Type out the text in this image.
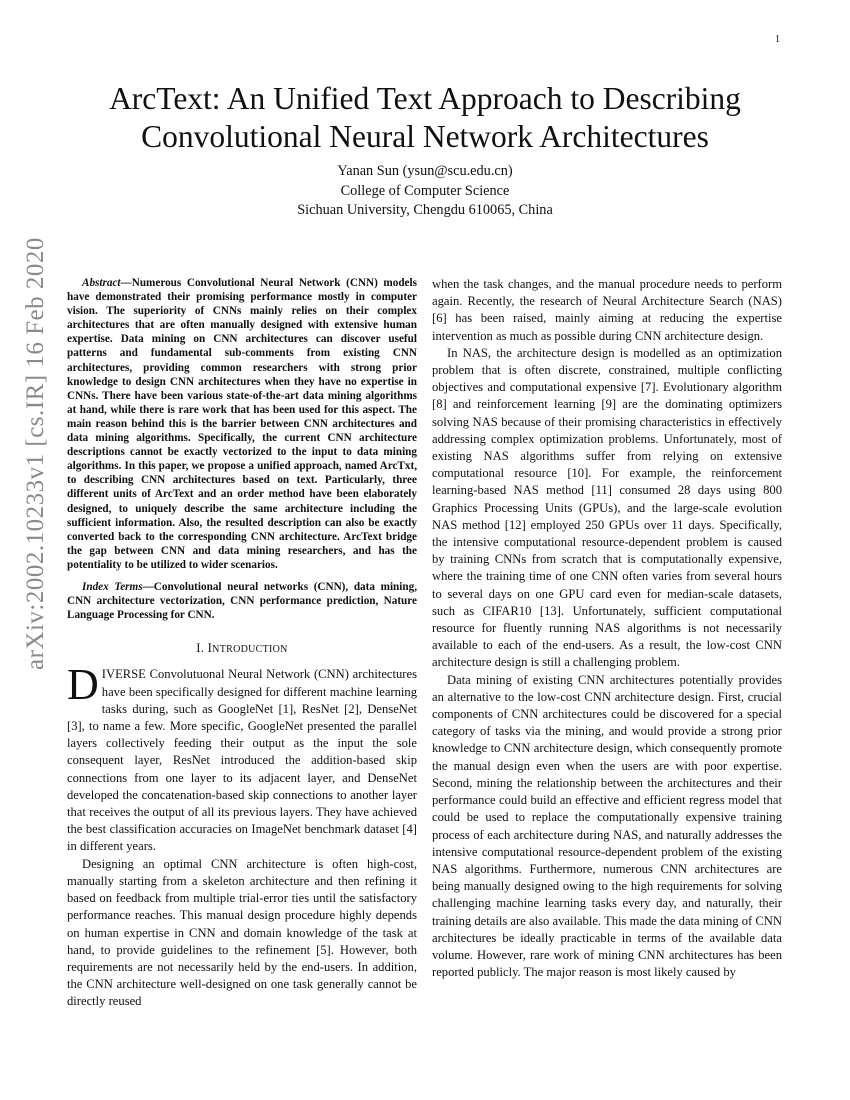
1
arXiv:2002.10233v1 [cs.IR] 16 Feb 2020
ArcText: An Unified Text Approach to Describing
Convolutional Neural Network Architectures
Yanan Sun (ysun@scu.edu.cn)
College of Computer Science
Sichuan University, Chengdu 610065, China

Abstract—Numerous Convolutional Neural Network (CNN) models have demonstrated their promising performance mostly in computer vision. The superiority of CNNs mainly relies on their complex architectures that are often manually designed with extensive human expertise. Data mining on CNN architectures can discover useful patterns and fundamental sub-comments from existing CNN architectures, providing common researchers with strong prior knowledge to design CNN architectures when they have no expertise in CNNs. There have been various state-of-the-art data mining algorithms at hand, while there is rare work that has been used for this aspect. The main reason behind this is the barrier between CNN architectures and data mining algorithms. Specifically, the current CNN architecture descriptions cannot be exactly vectorized to the input to data mining algorithms. In this paper, we propose a unified approach, named ArcTxt, to describing CNN architectures based on text. Particularly, three different units of ArcText and an order method have been elaborately designed, to uniquely describe the same architecture including the sufficient information. Also, the resulted description can also be exactly converted back to the corresponding CNN architecture. ArcText bridge the gap between CNN and data mining researchers, and has the potentiality to be utilized to wider scenarios.

Index Terms—Convolutional neural networks (CNN), data mining, CNN architecture vectorization, CNN performance prediction, Nature Language Processing for CNN.

I. INTRODUCTION

DIVERSE Convolutuonal Neural Network (CNN) architectures have been specifically designed for different machine learning tasks during, such as GoogleNet [1], ResNet [2], DenseNet [3], to name a few. More specific, GoogleNet presented the parallel layers collectively feeding their output as the input the sole consequent layer, ResNet introduced the addition-based skip connections from one layer to its adjacent layer, and DenseNet developed the concatenation-based skip connections to another layer that receives the output of all its previous layers. They have achieved the best classification accuracies on ImageNet benchmark dataset [4] in different years.

Designing an optimal CNN architecture is often high-cost, manually starting from a skeleton architecture and then refining it based on feedback from multiple trial-error ties until the satisfactory performance reaches. This manual design procedure highly depends on human expertise in CNN and domain knowledge of the task at hand, to provide guidelines to the refinement [5]. However, both requirements are not necessarily held by the end-users. In addition, the CNN architecture well-designed on one task generally cannot be directly reused

when the task changes, and the manual procedure needs to perform again. Recently, the research of Neural Architecture Search (NAS) [6] has been raised, mainly aiming at reducing the expertise intervention as much as possible during CNN architecture design.

In NAS, the architecture design is modelled as an optimization problem that is often discrete, constrained, multiple conflicting objectives and computational expensive [7]. Evolutionary algorithm [8] and reinforcement learning [9] are the dominating optimizers solving NAS because of their promising characteristics in effectively addressing complex optimization problems. Unfortunately, most of existing NAS algorithms suffer from relying on extensive computational resource [10]. For example, the reinforcement learning-based NAS method [11] consumed 28 days using 800 Graphics Processing Units (GPUs), and the large-scale evolution NAS method [12] employed 250 GPUs over 11 days. Specifically, the intensive computational resource-dependent problem is caused by training CNNs from scratch that is computationally expensive, where the training time of one CNN often varies from several hours to several days on one GPU card even for median-scale datasets, such as CIFAR10 [13]. Unfortunately, sufficient computational resource for fluently running NAS algorithms is not necessarily available to each of the end-users. As a result, the low-cost CNN architecture design is still a challenging problem.

Data mining of existing CNN architectures potentially provides an alternative to the low-cost CNN architecture design. First, crucial components of CNN architectures could be discovered for a special category of tasks via the mining, and would provide a strong prior knowledge to CNN architecture design, which consequently promote the manual design even when the users are with poor expertise. Second, mining the relationship between the architectures and their performance could build an effective and efficient regress model that could be used to replace the computationally expensive training process of each architecture during NAS, and naturally addresses the intensive computational resource-dependent problem of the existing NAS algorithms. Furthermore, numerous CNN architectures are being manually designed owing to the high requirements for solving challenging machine learning tasks every day, and naturally, their training details are also available. This made the data mining of CNN architectures be ideally practicable in terms of the available data volume. However, rare work of mining CNN architectures has been reported publicly. The major reason is most likely caused by
